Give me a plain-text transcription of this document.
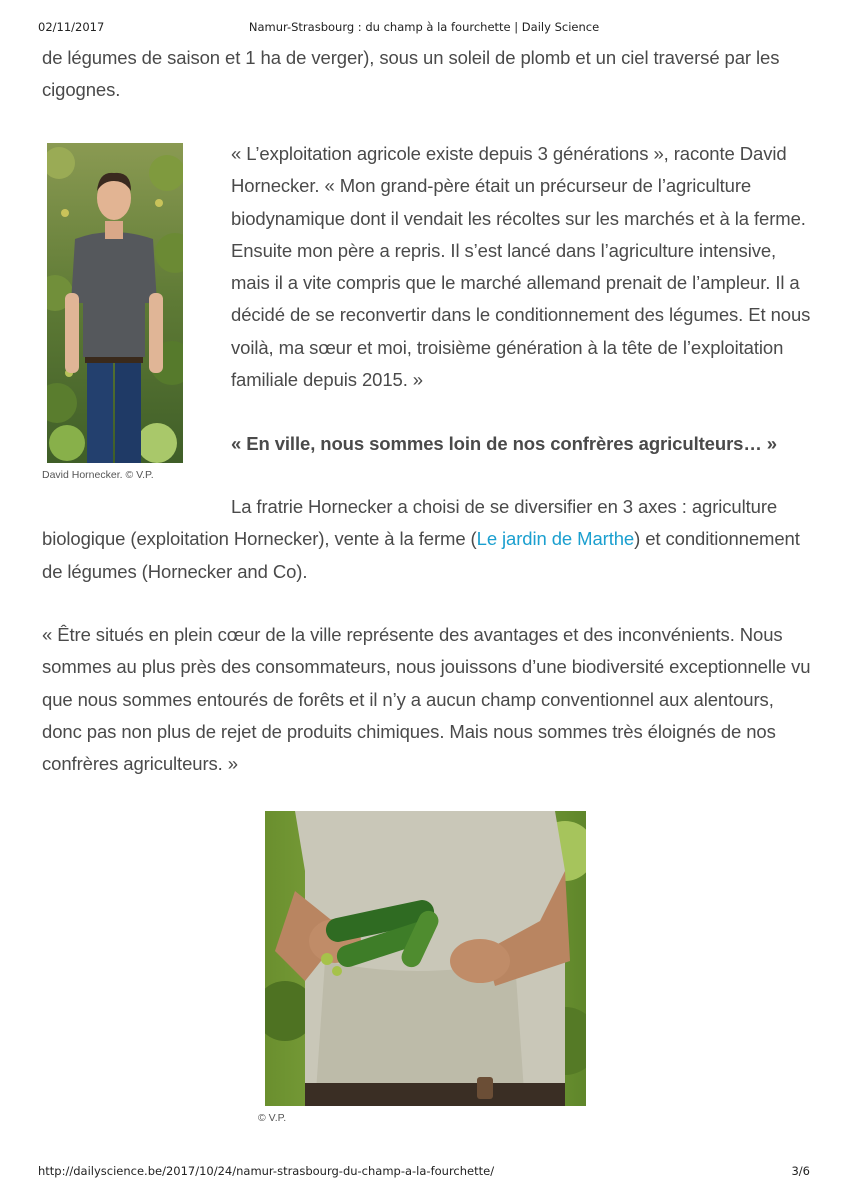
02/11/2017	Namur-Strasbourg : du champ à la fourchette | Daily Science
de légumes de saison et 1 ha de verger), sous un soleil de plomb et un ciel traversé par les cigognes.
David Hornecker. © V.P.
« L’exploitation agricole existe depuis 3 générations », raconte David Hornecker. « Mon grand-père était un précurseur de l’agriculture biodynamique dont il vendait les récoltes sur les marchés et à la ferme. Ensuite mon père a repris. Il s’est lancé dans l’agriculture intensive, mais il a vite compris que le marché allemand prenait de l’ampleur. Il a décidé de se reconvertir dans le conditionnement des légumes. Et nous voilà, ma sœur et moi, troisième génération à la tête de l’exploitation familiale depuis 2015. »
« En ville, nous sommes loin de nos confrères agriculteurs… »
La fratrie Hornecker a choisi de se diversifier en 3 axes : agriculture biologique (exploitation Hornecker), vente à la ferme (Le jardin de Marthe) et conditionnement de légumes (Hornecker and Co).
« Être situés en plein cœur de la ville représente des avantages et des inconvénients. Nous sommes au plus près des consommateurs, nous jouissons d’une biodiversité exceptionnelle vu que nous sommes entourés de forêts et il n’y a aucun champ conventionnel aux alentours, donc pas non plus de rejet de produits chimiques. Mais nous sommes très éloignés de nos confrères agriculteurs. »
© V.P.
http://dailyscience.be/2017/10/24/namur-strasbourg-du-champ-a-la-fourchette/	3/6
